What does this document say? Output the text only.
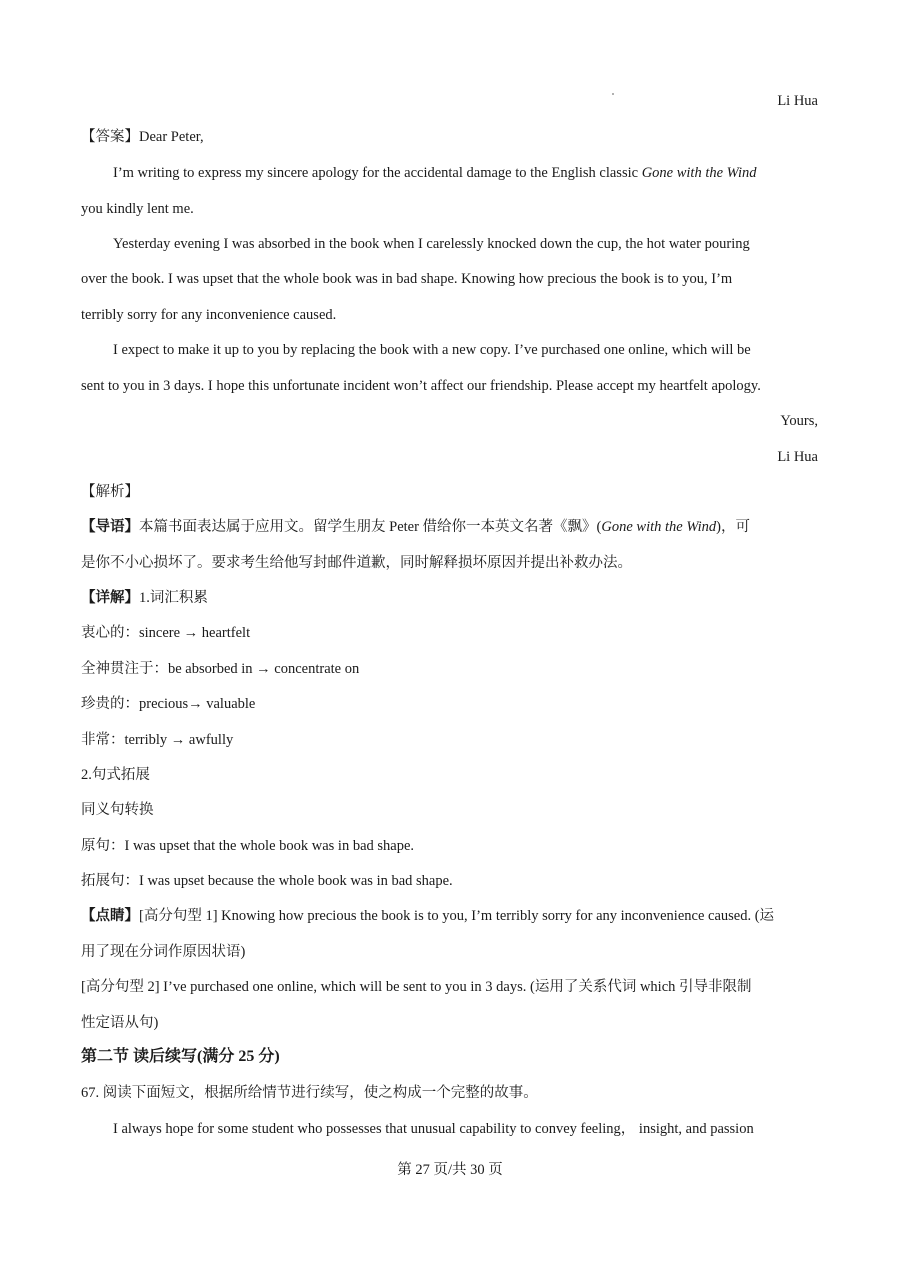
Li Hua
【答案】Dear Peter,
I’m writing to express my sincere apology for the accidental damage to the English classic Gone with the Wind
you kindly lent me.
Yesterday evening I was absorbed in the book when I carelessly knocked down the cup, the hot water pouring
over the book. I was upset that the whole book was in bad shape. Knowing how precious the book is to you, I’m
terribly sorry for any inconvenience caused.
I expect to make it up to you by replacing the book with a new copy. I’ve purchased one online, which will be
sent to you in 3 days. I hope this unfortunate incident won’t affect our friendship. Please accept my heartfelt apology.
Yours,
Li Hua
【解析】
【导语】本篇书面表达属于应用文。留学生朋友 Peter 借给你一本英文名著《飘》(Gone with the Wind)，可
是你不小心损坏了。要求考生给他写封邮件道歉，同时解释损坏原因并提出补救办法。
【详解】1.词汇积累
衷心的：sincere → heartfelt
全神贯注于：be absorbed in → concentrate on
珍贵的：precious→ valuable
非常：terribly → awfully
2.句式拓展
同义句转换
原句：I was upset that the whole book was in bad shape.
拓展句：I was upset because the whole book was in bad shape.
【点睛】[高分句型 1] Knowing how precious the book is to you, I’m terribly sorry for any inconvenience caused. (运
用了现在分词作原因状语)
[高分句型 2] I’ve purchased one online, which will be sent to you in 3 days. (运用了关系代词 which 引导非限制
性定语从句)
第二节 读后续写(满分 25 分)
67. 阅读下面短文，根据所给情节进行续写，使之构成一个完整的故事。
I always hope for some student who possesses that unusual capability to convey feeling， insight, and passion
第 27 页/共 30 页
